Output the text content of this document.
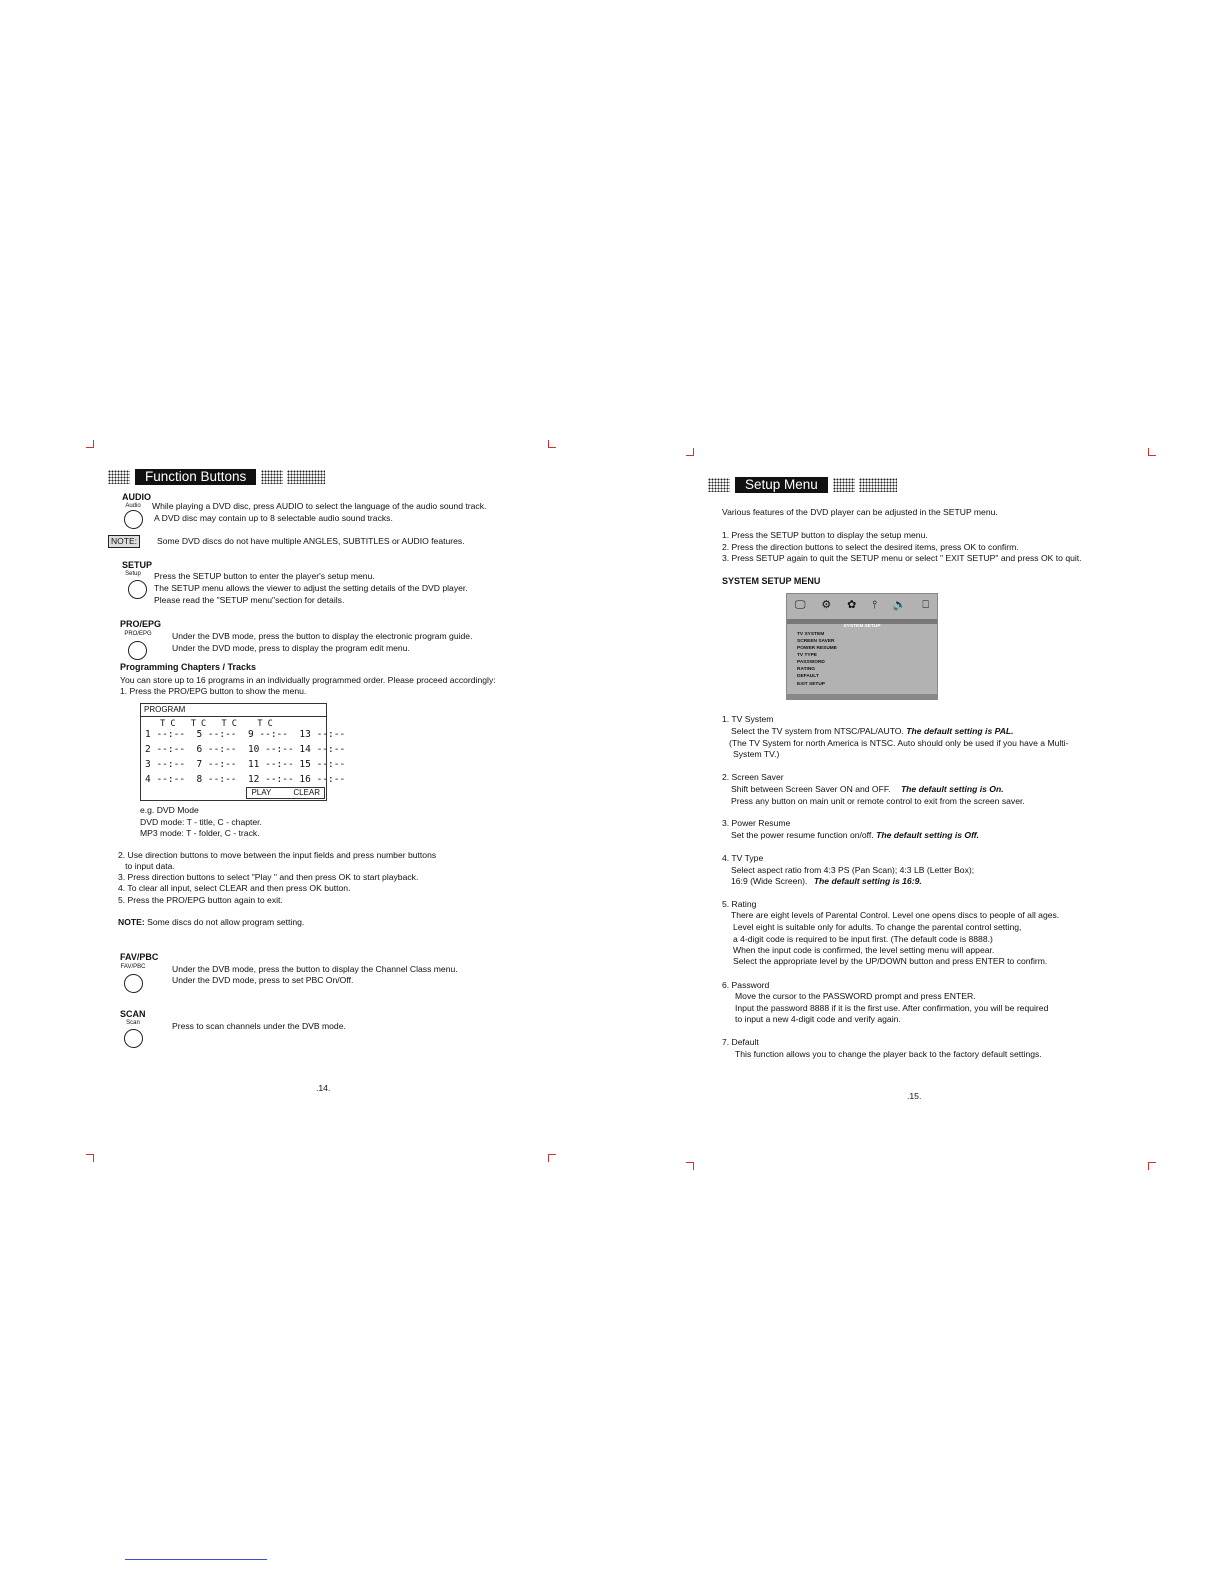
Function Buttons
AUDIO
Audio	While playing a DVD disc, press AUDIO to select the language of the audio sound track.
A DVD disc may contain up to 8 selectable audio sound tracks.
NOTE:	Some DVD discs do not have multiple ANGLES, SUBTITLES or AUDIO features.
SETUP
Setup	Press the SETUP button to enter the player's setup menu.
The SETUP menu allows the viewer to adjust the setting details of the DVD player.
Please read the "SETUP menu"section for details.
PRO/EPG
PRO/EPG	Under the DVB mode, press the button to display the electronic program guide.
Under the DVD mode, press to display the program edit menu.
Programming Chapters / Tracks
You can store up to 16 programs in an individually programmed order. Please proceed accordingly:
1. Press the PRO/EPG button to show the menu.
PROGRAM
T C   T C   T C    T C
1 --:--  5 --:--  9 --:--  13 --:--
2 --:--  6 --:--  10 --:-- 14 --:--
3 --:--  7 --:--  11 --:-- 15 --:--
4 --:--  8 --:--  12 --:-- 16 --:--
PLAY	CLEAR
e.g. DVD Mode
DVD mode: T - title, C - chapter.
MP3 mode: T - folder, C - track.
2. Use direction buttons to move between the input fields and press number buttons
to input data.
3. Press direction buttons to select "Play " and then press OK to start playback.
4. To clear all input, select CLEAR and then press OK button.
5. Press the PRO/EPG button again to exit.
NOTE: Some discs do not allow program setting.
FAV/PBC
FAV/PBC	Under the DVB mode, press the button to display the Channel Class menu.
Under the DVD mode, press to set PBC On/Off.
SCAN
Scan	Press to scan channels under the DVB mode.
.14.
Setup Menu
Various features of the DVD player can be adjusted in the SETUP menu.
1. Press the SETUP button to display the setup menu.
2. Press the direction buttons to select the desired items, press OK to confirm.
3. Press SETUP again to quit the SETUP menu or select " EXIT SETUP" and press OK to quit.
SYSTEM SETUP MENU
🖵 ⚙ ✿ ⫯ 🔈 ⎕
SYSTEM SETUP
TV SYSTEM
SCREEN SAVER
POWER RESUME
TV TYPE
PASSWORD
RATING
DEFAULT
EXIT SETUP
1. TV System
Select the TV system from NTSC/PAL/AUTO. The default setting is PAL.
(The TV System for north America is NTSC. Auto should only be used if you have a Multi-
System TV.)
2. Screen Saver
Shift between Screen Saver ON and OFF. The default setting is On.
Press any button on main unit or remote control to exit from the screen saver.
3. Power Resume
Set the power resume function on/off. The default setting is Off.
4. TV Type
Select aspect ratio from 4:3 PS (Pan Scan); 4:3 LB (Letter Box);
16:9 (Wide Screen). The default setting is 16:9.
5. Rating
There are eight levels of Parental Control. Level one opens discs to people of all ages.
Level eight is suitable only for adults. To change the parental control setting,
a 4-digit code is required to be input first. (The default code is 8888.)
When the input code is confirmed, the level setting menu will appear.
Select the appropriate level by the UP/DOWN button and press ENTER to confirm.
6. Password
Move the cursor to the PASSWORD prompt and press ENTER.
Input the password 8888 if it is the first use. After confirmation, you will be required
to input a new 4-digit code and verify again.
7. Default
This function allows you to change the player back to the factory default settings.
.15.
